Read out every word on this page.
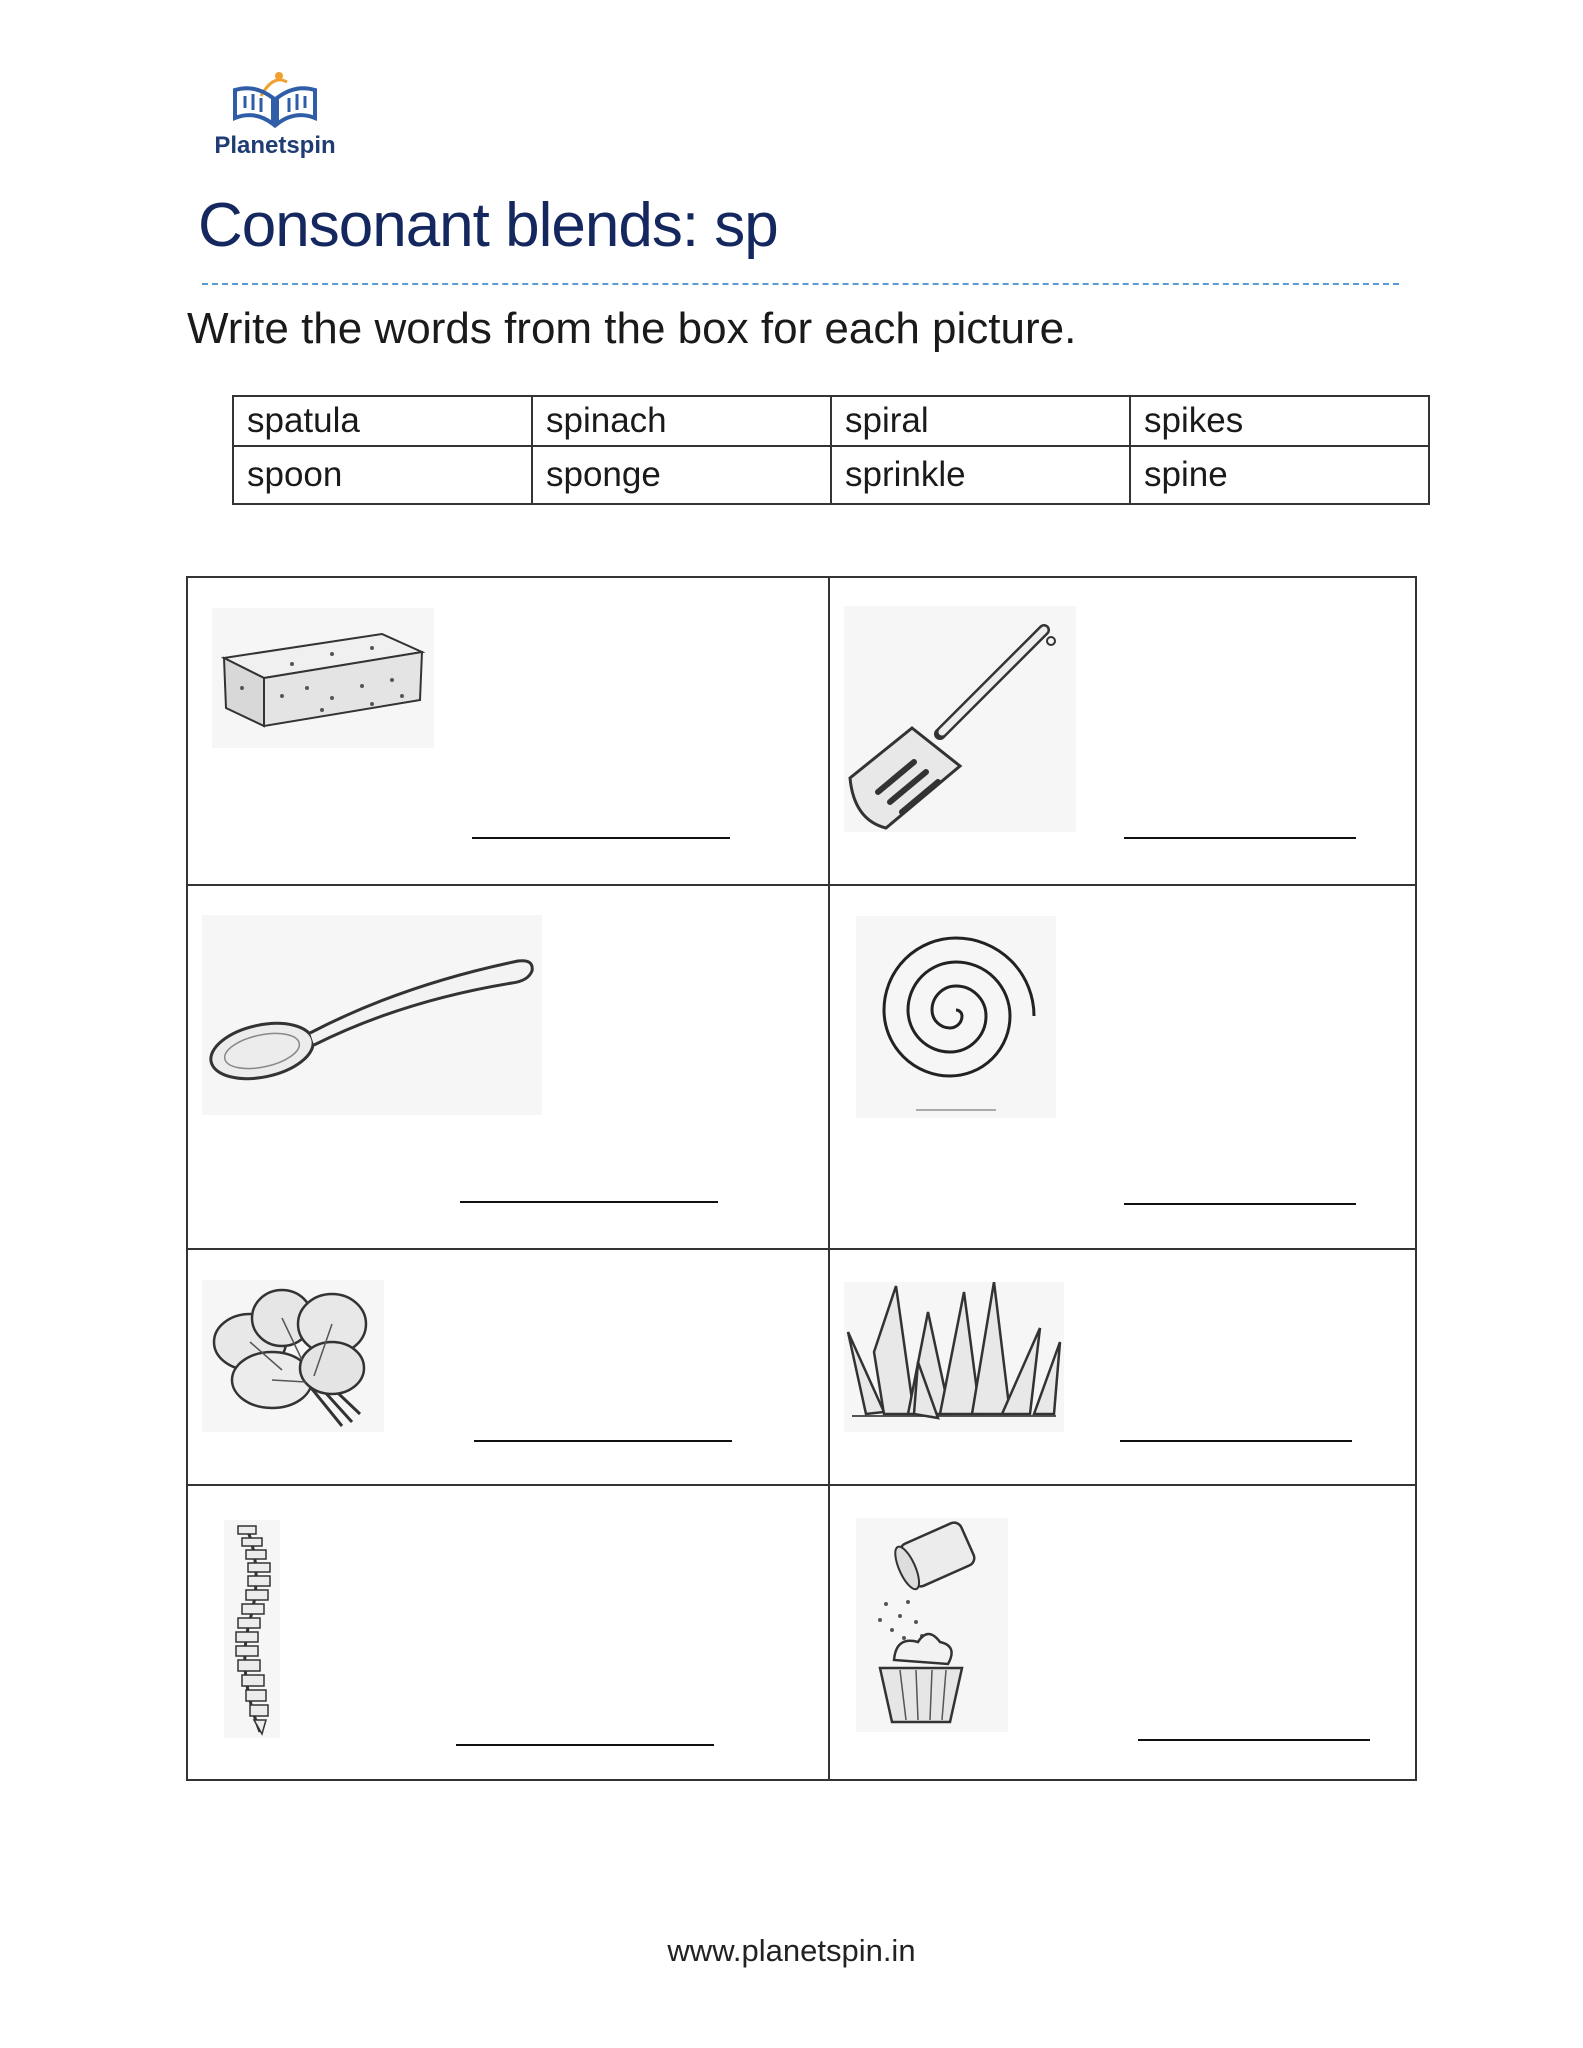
Planetspin
Consonant blends: sp
Write the words from the box for each picture.
spatula	spinach	spiral	spikes
spoon	sponge	sprinkle	spine
www.planetspin.in
